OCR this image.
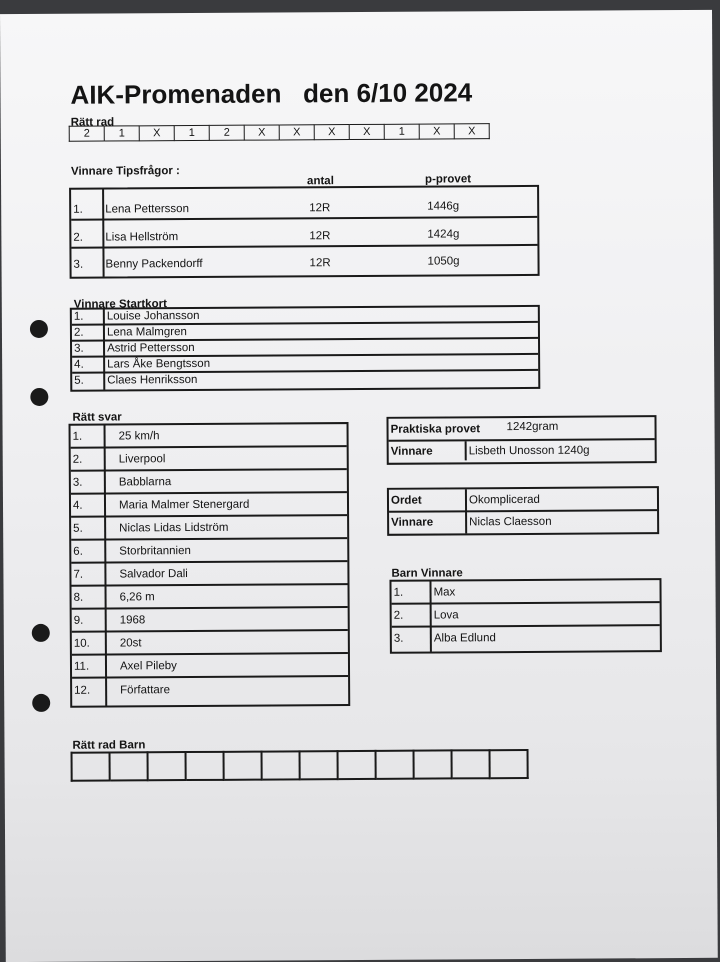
AIK-Promenaden den 6/10 2024
Rätt rad
2	1	X	1	2	X	X	X	X	1	X	X
Vinnare Tipsfrågor :
antal	p-provet
1. Lena Pettersson	12R	1446g
2. Lisa Hellström	12R	1424g
3. Benny Packendorff	12R	1050g
Vinnare Startkort
1. Louise Johansson
2. Lena Malmgren
3. Astrid Pettersson
4. Lars Åke Bengtsson
5. Claes Henriksson
Rätt svar
1.	25 km/h
2.	Liverpool
3.	Babblarna
4.	Maria Malmer Stenergard
5.	Niclas Lidas Lidström
6.	Storbritannien
7.	Salvador Dali
8.	6,26 m
9.	1968
10.	20st
11.	Axel Pileby
12.	Författare
Praktiska provet 1242gram
Vinnare	Lisbeth Unosson 1240g
Ordet	Okomplicerad
Vinnare	Niclas Claesson
Barn Vinnare
1.	Max
2.	Lova
3.	Alba Edlund
Rätt rad Barn
